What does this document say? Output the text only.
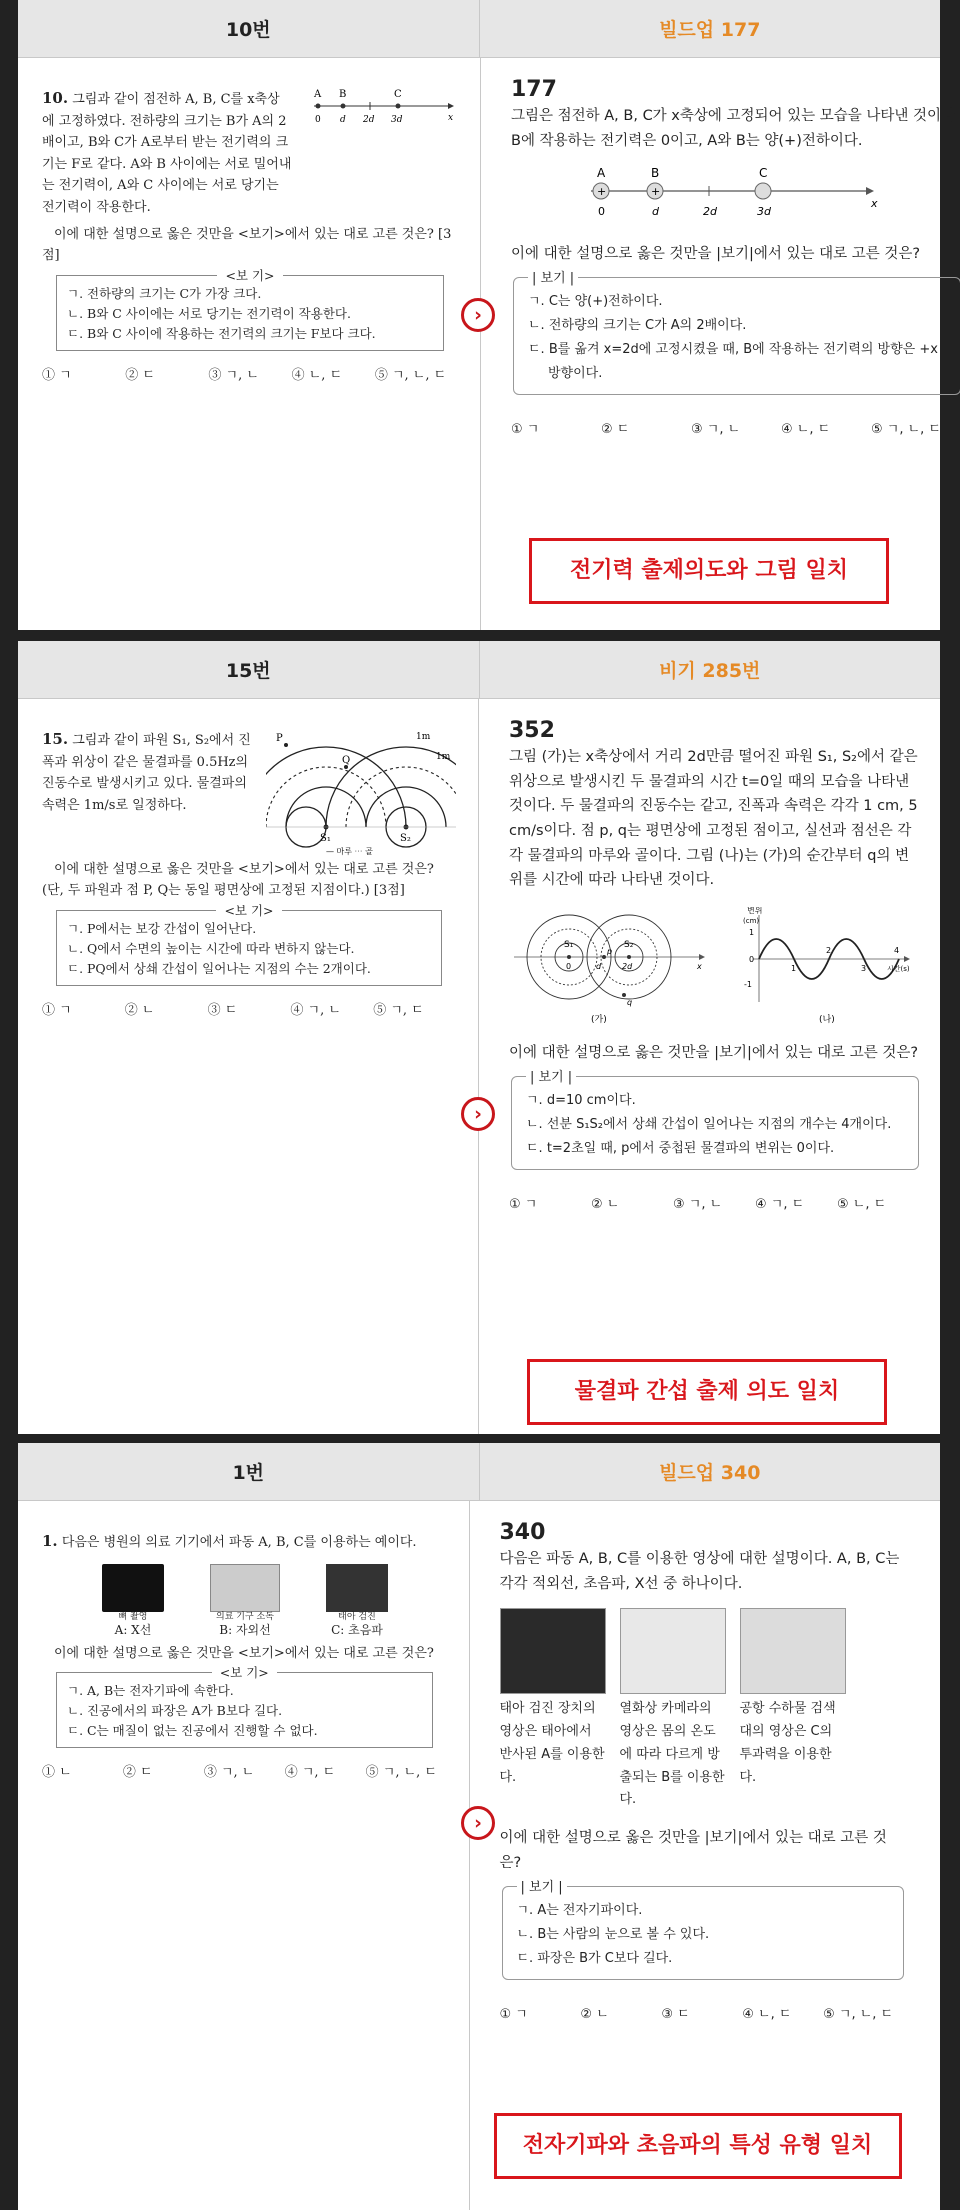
10번	빌드업 177
10. 그림과 같이 점전하 A, B, C를 x축상에 고정하였다. 전하량의 크기는 B가 A의 2배이고, B와 C가 A로부터 받는 전기력의 크기는 F로 같다. A와 B 사이에는 서로 밀어내는 전기력이, A와 C 사이에는 서로 당기는 전기력이 작용한다.
A B	C
0 d 2d 3d	x
이에 대한 설명으로 옳은 것만을 <보기>에서 있는 대로 고른 것은? [3점]
<보 기>
ㄱ. 전하량의 크기는 C가 가장 크다.
ㄴ. B와 C 사이에는 서로 당기는 전기력이 작용한다.
ㄷ. B와 C 사이에 작용하는 전기력의 크기는 F보다 크다.
① ㄱ	② ㄷ	③ ㄱ, ㄴ	④ ㄴ, ㄷ	⑤ ㄱ, ㄴ, ㄷ
177
그림은 점전하 A, B, C가 x축상에 고정되어 있는 모습을 나타낸 것이다. B에 작용하는 전기력은 0이고, A와 B는 양(+)전하이다.
+	+
A	B	C
0	d	2d	3d
x
이에 대한 설명으로 옳은 것만을 |보기|에서 있는 대로 고른 것은?
| 보기 |
ㄱ. C는 양(+)전하이다.
ㄴ. 전하량의 크기는 C가 A의 2배이다.
ㄷ. B를 옮겨 x=2d에 고정시켰을 때, B에 작용하는 전기력의 방향은 +x 방향이다.
① ㄱ	② ㄷ	③ ㄱ, ㄴ	④ ㄴ, ㄷ	⑤ ㄱ, ㄴ, ㄷ
전기력 출제의도와 그림 일치
›
15번	비기 285번
15. 그림과 같이 파원 S₁, S₂에서 진폭과 위상이 같은 물결파를 0.5Hz의 진동수로 발생시키고 있다. 물결파의 속력은 1m/s로 일정하다.
P
Q
1m
1m
S₁	S₂
— 마루 ⋯ 골
이에 대한 설명으로 옳은 것만을 <보기>에서 있는 대로 고른 것은? (단, 두 파원과 점 P, Q는 동일 평면상에 고정된 지점이다.) [3점]
<보 기>
ㄱ. P에서는 보강 간섭이 일어난다.
ㄴ. Q에서 수면의 높이는 시간에 따라 변하지 않는다.
ㄷ. PQ에서 상쇄 간섭이 일어나는 지점의 수는 2개이다.
① ㄱ	② ㄴ	③ ㄷ	④ ㄱ, ㄴ	⑤ ㄱ, ㄷ
352
그림 (가)는 x축상에서 거리 2d만큼 떨어진 파원 S₁, S₂에서 같은 위상으로 발생시킨 두 물결파의 시간 t=0일 때의 모습을 나타낸 것이다. 두 물결파의 진동수는 같고, 진폭과 속력은 각각 1 cm, 5 cm/s이다. 점 p, q는 평면상에 고정된 점이고, 실선과 점선은 각각 물결파의 마루와 골이다. 그림 (나)는 (가)의 순간부터 q의 변위를 시간에 따라 나타낸 것이다.
S₁	S₂
0	d	2d	x
p
q
(가)
변위
(cm)
1
0
-1
1
2
3
4
시간(s)
(나)
이에 대한 설명으로 옳은 것만을 |보기|에서 있는 대로 고른 것은?
| 보기 |
ㄱ. d=10 cm이다.
ㄴ. 선분 S₁S₂에서 상쇄 간섭이 일어나는 지점의 개수는 4개이다.
ㄷ. t=2초일 때, p에서 중첩된 물결파의 변위는 0이다.
① ㄱ	② ㄴ	③ ㄱ, ㄴ	④ ㄱ, ㄷ	⑤ ㄴ, ㄷ
물결파 간섭 출제 의도 일치
›
1번	빌드업 340
1. 다음은 병원의 의료 기기에서 파동 A, B, C를 이용하는 예이다.
뼈 촬영
A: X선
의료 기구 소독
B: 자외선
태아 검진
C: 초음파
이에 대한 설명으로 옳은 것만을 <보기>에서 있는 대로 고른 것은?
<보 기>
ㄱ. A, B는 전자기파에 속한다.
ㄴ. 진공에서의 파장은 A가 B보다 길다.
ㄷ. C는 매질이 없는 진공에서 진행할 수 없다.
① ㄴ	② ㄷ	③ ㄱ, ㄴ	④ ㄱ, ㄷ	⑤ ㄱ, ㄴ, ㄷ
340
다음은 파동 A, B, C를 이용한 영상에 대한 설명이다. A, B, C는 각각 적외선, 초음파, X선 중 하나이다.
태아 검진 장치의 영상은 태아에서 반사된 A를 이용한다.
열화상 카메라의 영상은 몸의 온도에 따라 다르게 방출되는 B를 이용한다.
공항 수하물 검색대의 영상은 C의 투과력을 이용한다.
이에 대한 설명으로 옳은 것만을 |보기|에서 있는 대로 고른 것은?
| 보기 |
ㄱ. A는 전자기파이다.
ㄴ. B는 사람의 눈으로 볼 수 있다.
ㄷ. 파장은 B가 C보다 길다.
① ㄱ	② ㄴ	③ ㄷ	④ ㄴ, ㄷ	⑤ ㄱ, ㄴ, ㄷ
전자기파와 초음파의 특성 유형 일치
›
